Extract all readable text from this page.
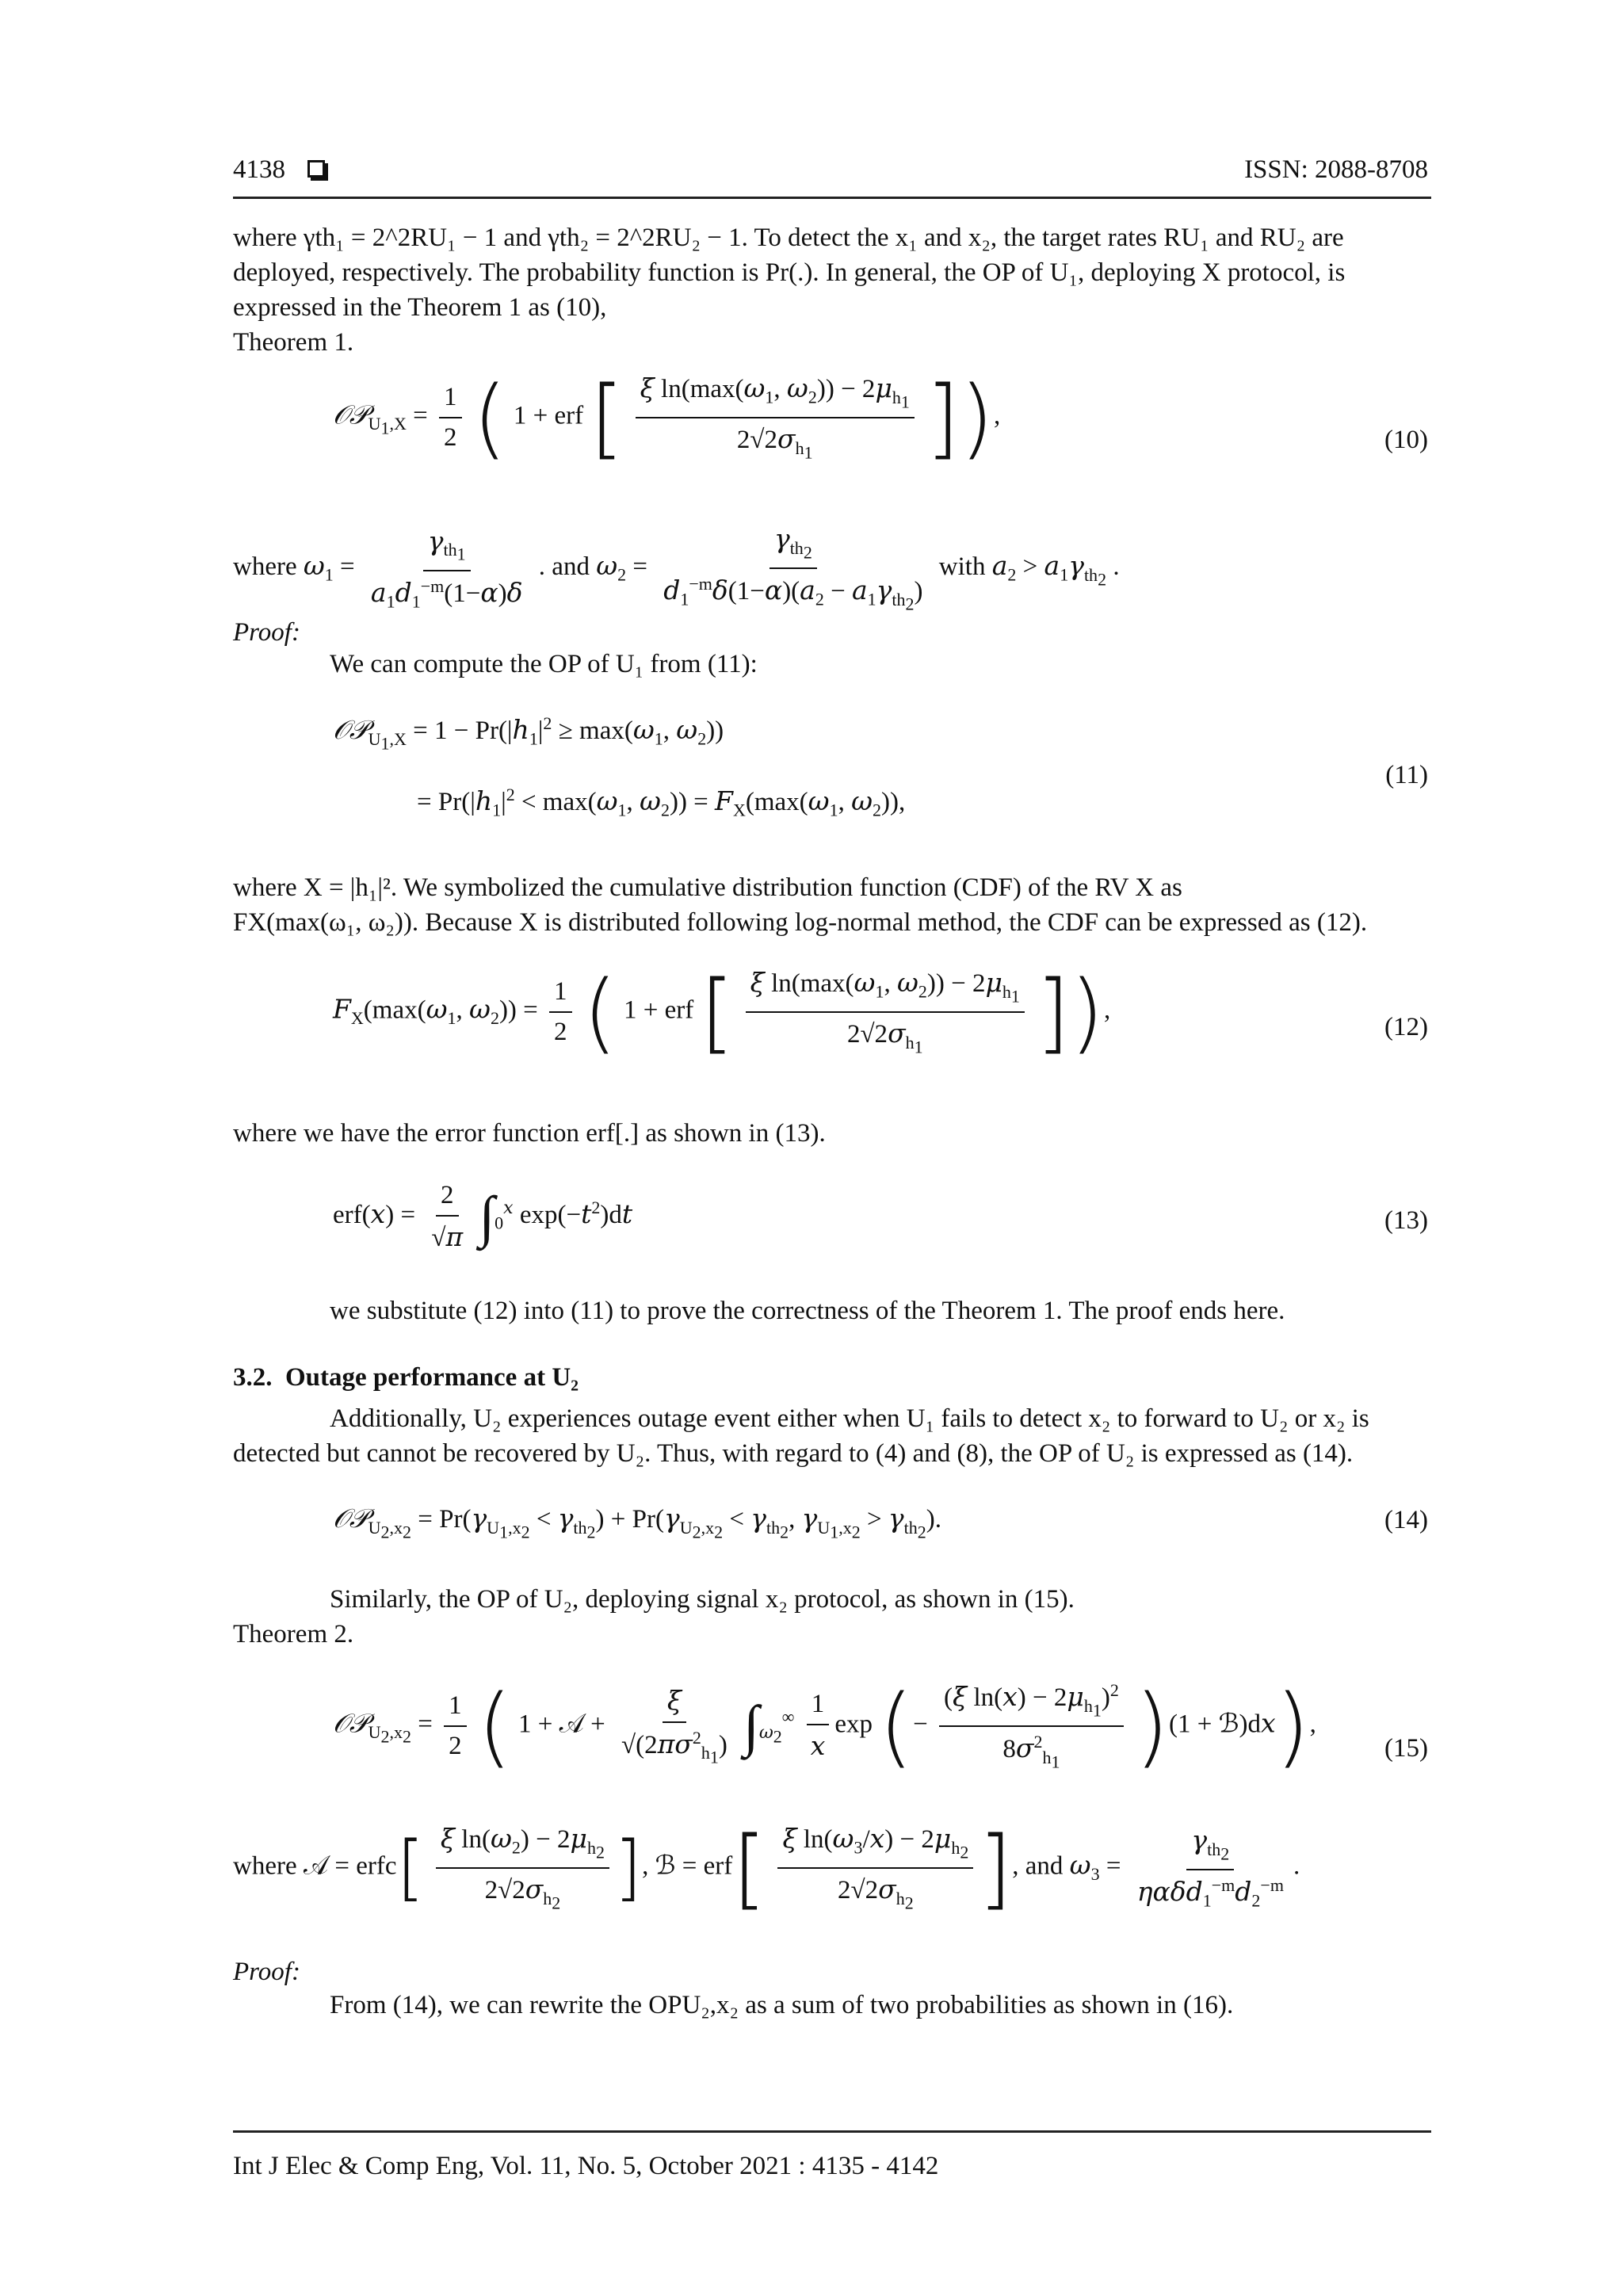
4138	ISSN: 2088-8708
where γth₁ = 2^2RU₁ − 1 and γth₂ = 2^2RU₂ − 1. To detect the x₁ and x₂, the target rates RU₁ and RU₂ are
deployed, respectively. The probability function is Pr(.). In general, the OP of U₁, deploying X protocol, is
expressed in the Theorem 1 as (10),
Theorem 1.
𝒪𝒫$_{U_1,X}$ = $\frac{1}{2}$ ( 1 + erf [ $\frac{\xi \ln(\max(\omega_1, \omega_2)) - 2\mu_{h_1}}{2√2\sigma_{h_1}}$ ]),
(10)
where $\omega_1 = \frac{\gamma_{th_1}}{a_1d_1^{-m}(1-\alpha)\delta}$ . and $\omega_2 = \frac{\gamma_{th_2}}{d_1^{-m}\delta(1-\alpha)(a_2 - a_1\gamma_{th_2})}$ with $a_2 > a_1\gamma_{th_2}$ .
Proof:
We can compute the OP of U₁ from (11):
𝒪𝒫$_{U_1,X}$ = $1 - Pr(|h_1|^2 \ge \max(\omega_1$, $\omega_2$))
= $Pr(|h_1|^2 < \max(\omega_1$, $\omega_2)) = F_X(\max(\omega_1$, $\omega_2$)),
(11)
where X = |h₁|². We symbolized the cumulative distribution function (CDF) of the RV X as
FX(max(ω₁, ω₂)). Because X is distributed following log-normal method, the CDF can be expressed as (12).
$F_X(\max(\omega_1$, $\omega_2)) = \frac{1}{2}$ ( 1 + erf [ $\frac{\xi \ln(\max(\omega_1, \omega_2)) - 2\mu_{h_1}}{2√2\sigma_{h_1}}$ ]),
(12)
where we have the error function erf[.] as shown in (13).
$erf(x) = \frac{2}{√\pi} \int_0^x$ $\exp(-t^2)dt$	(13)
we substitute (12) into (11) to prove the correctness of the Theorem 1. The proof ends here.
3.2. Outage performance at U₂
Additionally, U₂ experiences outage event either when U₁ fails to detect x₂ to forward to U₂ or x₂ is
detected but cannot be recovered by U₂. Thus, with regard to (4) and (8), the OP of U₂ is expressed as (14).
𝒪𝒫$_{U_2,x_2}$ = $Pr(\gamma_{U_1,x_2} < \gamma_{th_2}) + Pr(\gamma_{U_2,x_2} < \gamma_{th_2}$, $\gamma_{U_1,x_2} > \gamma_{th_2}$).	(14)
Similarly, the OP of U₂, deploying signal x₂ protocol, as shown in (15).
Theorem 2.
𝒪𝒫$_{U_2,x_2}$ = $\frac{1}{2}$ ( 1 + 𝒜 + $\frac{\xi}{√(2\pi\sigma^2_{h_1})} \int_{\omega_2}^\infty \frac{1}{x}$ exp (− $\frac{(\xi \ln(x) - 2\mu_{h_1})^2}{8\sigma^2_{h_1}} )(1$ + ℬ)dx),
(15)
where 𝒜 = erfc[ $\frac{\xi \ln(\omega_2) - 2\mu_{h_2}}{2√2\sigma_{h_2}}$ ], ℬ = $erf[ \frac{\xi \ln(\omega_3/x) - 2\mu_{h_2}}{2√2\sigma_{h_2}}$ ], and $\omega_3 = \frac{\gamma_{th_2}}{\eta\alpha\delta d_1^{-m}d_2^{-m}}$ .
Proof:
From (14), we can rewrite the OPU₂,x₂ as a sum of two probabilities as shown in (16).
Int J Elec & Comp Eng, Vol. 11, No. 5, October 2021 : 4135 - 4142
